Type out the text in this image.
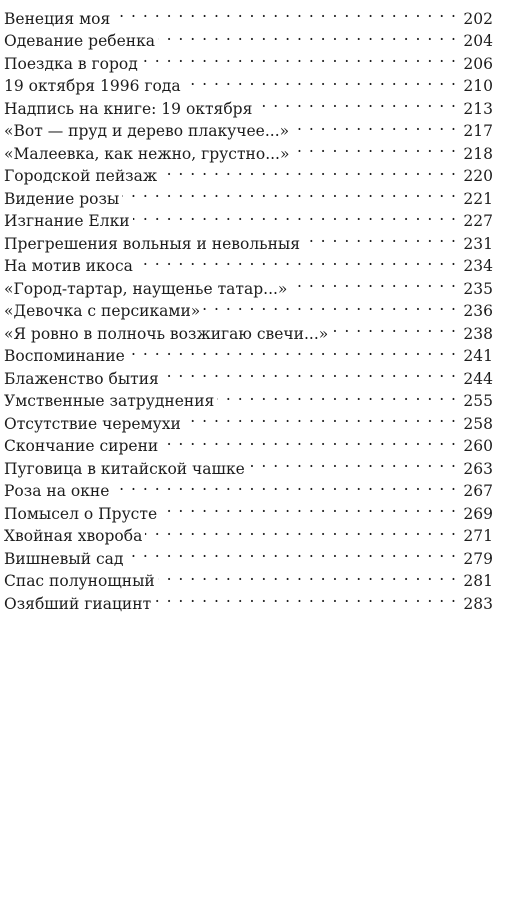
Венеция моя . . .	202
Одевание ребенка . . .	204
Поездка в город . . .	206
19 октября 1996 года . . .	210
Надпись на книге: 19 октября . . .	213
«Вот — пруд и дерево плакучее...» . . .	217
«Малеевка, как нежно, грустно...» . . .	218
Городской пейзаж . . .	220
Видение розы . . .	221
Изгнание Елки . . .	227
Прегрешения вольныя и невольныя . . .	231
На мотив икоса . . .	234
«Город-тартар, наущенье татар...» . . .	235
«Девочка с персиками» . . .	236
«Я ровно в полночь возжигаю свечи...» . . .	238
Воспоминание . . .	241
Блаженство бытия . . .	244
Умственные затруднения . . .	255
Отсутствие черемухи . . .	258
Скончание сирени . . .	260
Пуговица в китайской чашке . . .	263
Роза на окне . . .	267
Помысел о Прусте . . .	269
Хвойная хвороба . . .	271
Вишневый сад . . .	279
Спас полунощный . . .	281
Озябший гиацинт . . .	283
